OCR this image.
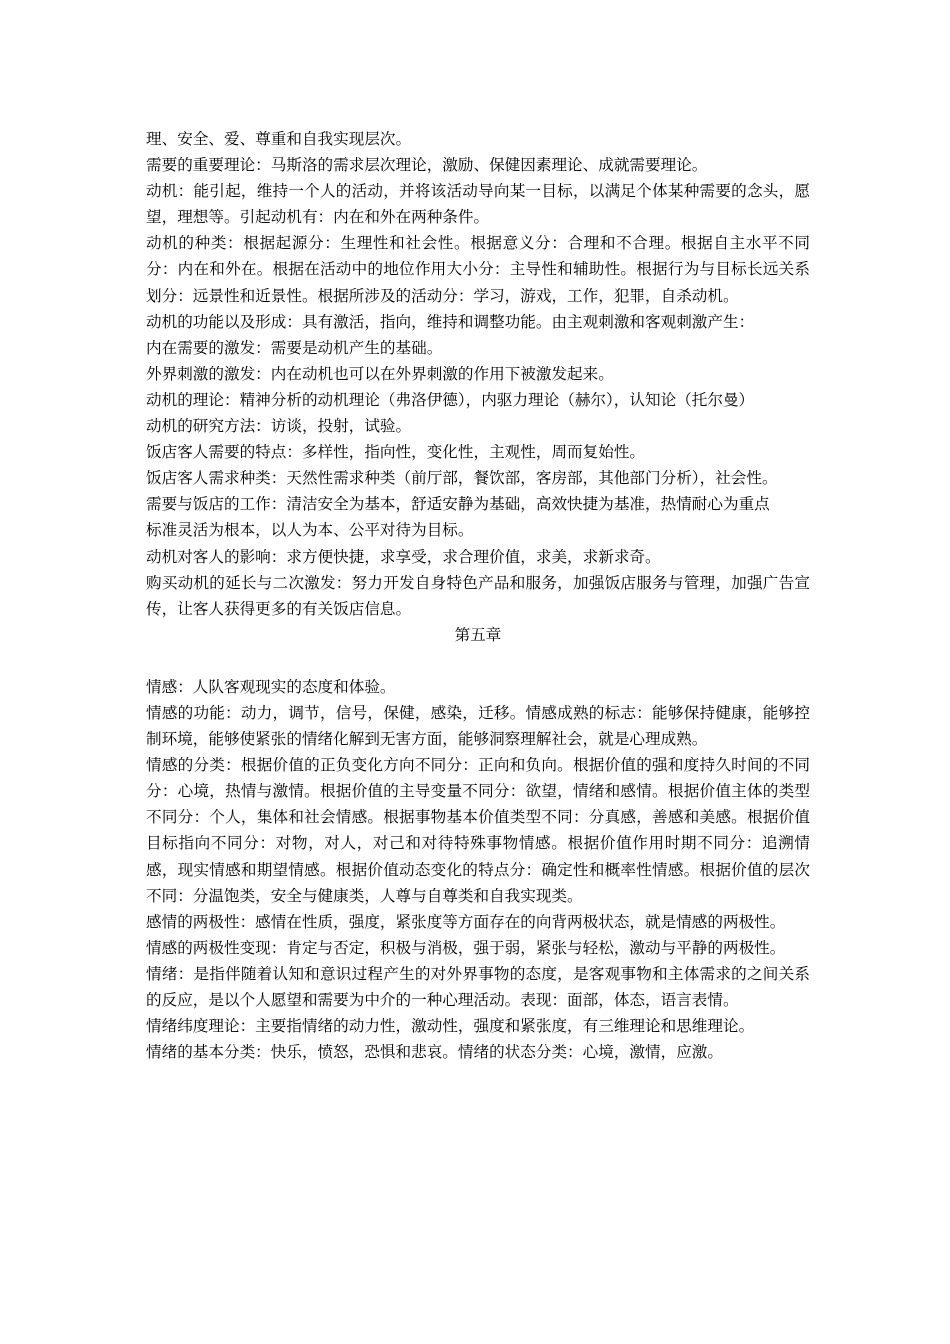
理、安全、爱、尊重和自我实现层次。

需要的重要理论：马斯洛的需求层次理论，激励、保健因素理论、成就需要理论。

动机：能引起，维持一个人的活动，并将该活动导向某一目标，以满足个体某种需要的念头，愿望，理想等。引起动机有：内在和外在两种条件。

动机的种类：根据起源分：生理性和社会性。根据意义分：合理和不合理。根据自主水平不同分：内在和外在。根据在活动中的地位作用大小分：主导性和辅助性。根据行为与目标长远关系划分：远景性和近景性。根据所涉及的活动分：学习，游戏，工作，犯罪，自杀动机。

动机的功能以及形成：具有激活，指向，维持和调整功能。由主观刺激和客观刺激产生：

内在需要的激发：需要是动机产生的基础。

外界刺激的激发：内在动机也可以在外界刺激的作用下被激发起来。

动机的理论：精神分析的动机理论（弗洛伊德），内驱力理论（赫尔），认知论（托尔曼）

动机的研究方法：访谈，投射，试验。

饭店客人需要的特点：多样性，指向性，变化性，主观性，周而复始性。

饭店客人需求种类：天然性需求种类（前厅部，餐饮部，客房部，其他部门分析），社会性。

需要与饭店的工作：清洁安全为基本，舒适安静为基础，高效快捷为基准，热情耐心为重点

标准灵活为根本，以人为本、公平对待为目标。

动机对客人的影响：求方便快捷，求享受，求合理价值，求美，求新求奇。

购买动机的延长与二次激发：努力开发自身特色产品和服务，加强饭店服务与管理，加强广告宣传，让客人获得更多的有关饭店信息。

第五章

情感：人队客观现实的态度和体验。

情感的功能：动力，调节，信号，保健，感染，迁移。情感成熟的标志：能够保持健康，能够控制环境，能够使紧张的情绪化解到无害方面，能够洞察理解社会，就是心理成熟。

情感的分类：根据价值的正负变化方向不同分：正向和负向。根据价值的强和度持久时间的不同分：心境，热情与激情。根据价值的主导变量不同分：欲望，情绪和感情。根据价值主体的类型不同分：个人，集体和社会情感。根据事物基本价值类型不同：分真感，善感和美感。根据价值目标指向不同分：对物，对人，对己和对待特殊事物情感。根据价值作用时期不同分：追溯情感，现实情感和期望情感。根据价值动态变化的特点分：确定性和概率性情感。根据价值的层次不同：分温饱类，安全与健康类，人尊与自尊类和自我实现类。

感情的两极性：感情在性质，强度，紧张度等方面存在的向背两极状态，就是情感的两极性。

情感的两极性变现：肯定与否定，积极与消极，强于弱，紧张与轻松，激动与平静的两极性。

情绪：是指伴随着认知和意识过程产生的对外界事物的态度，是客观事物和主体需求的之间关系的反应，是以个人愿望和需要为中介的一种心理活动。表现：面部，体态，语言表情。

情绪纬度理论：主要指情绪的动力性，激动性，强度和紧张度，有三维理论和思维理论。

情绪的基本分类：快乐，愤怒，恐惧和悲哀。情绪的状态分类：心境，激情，应激。
